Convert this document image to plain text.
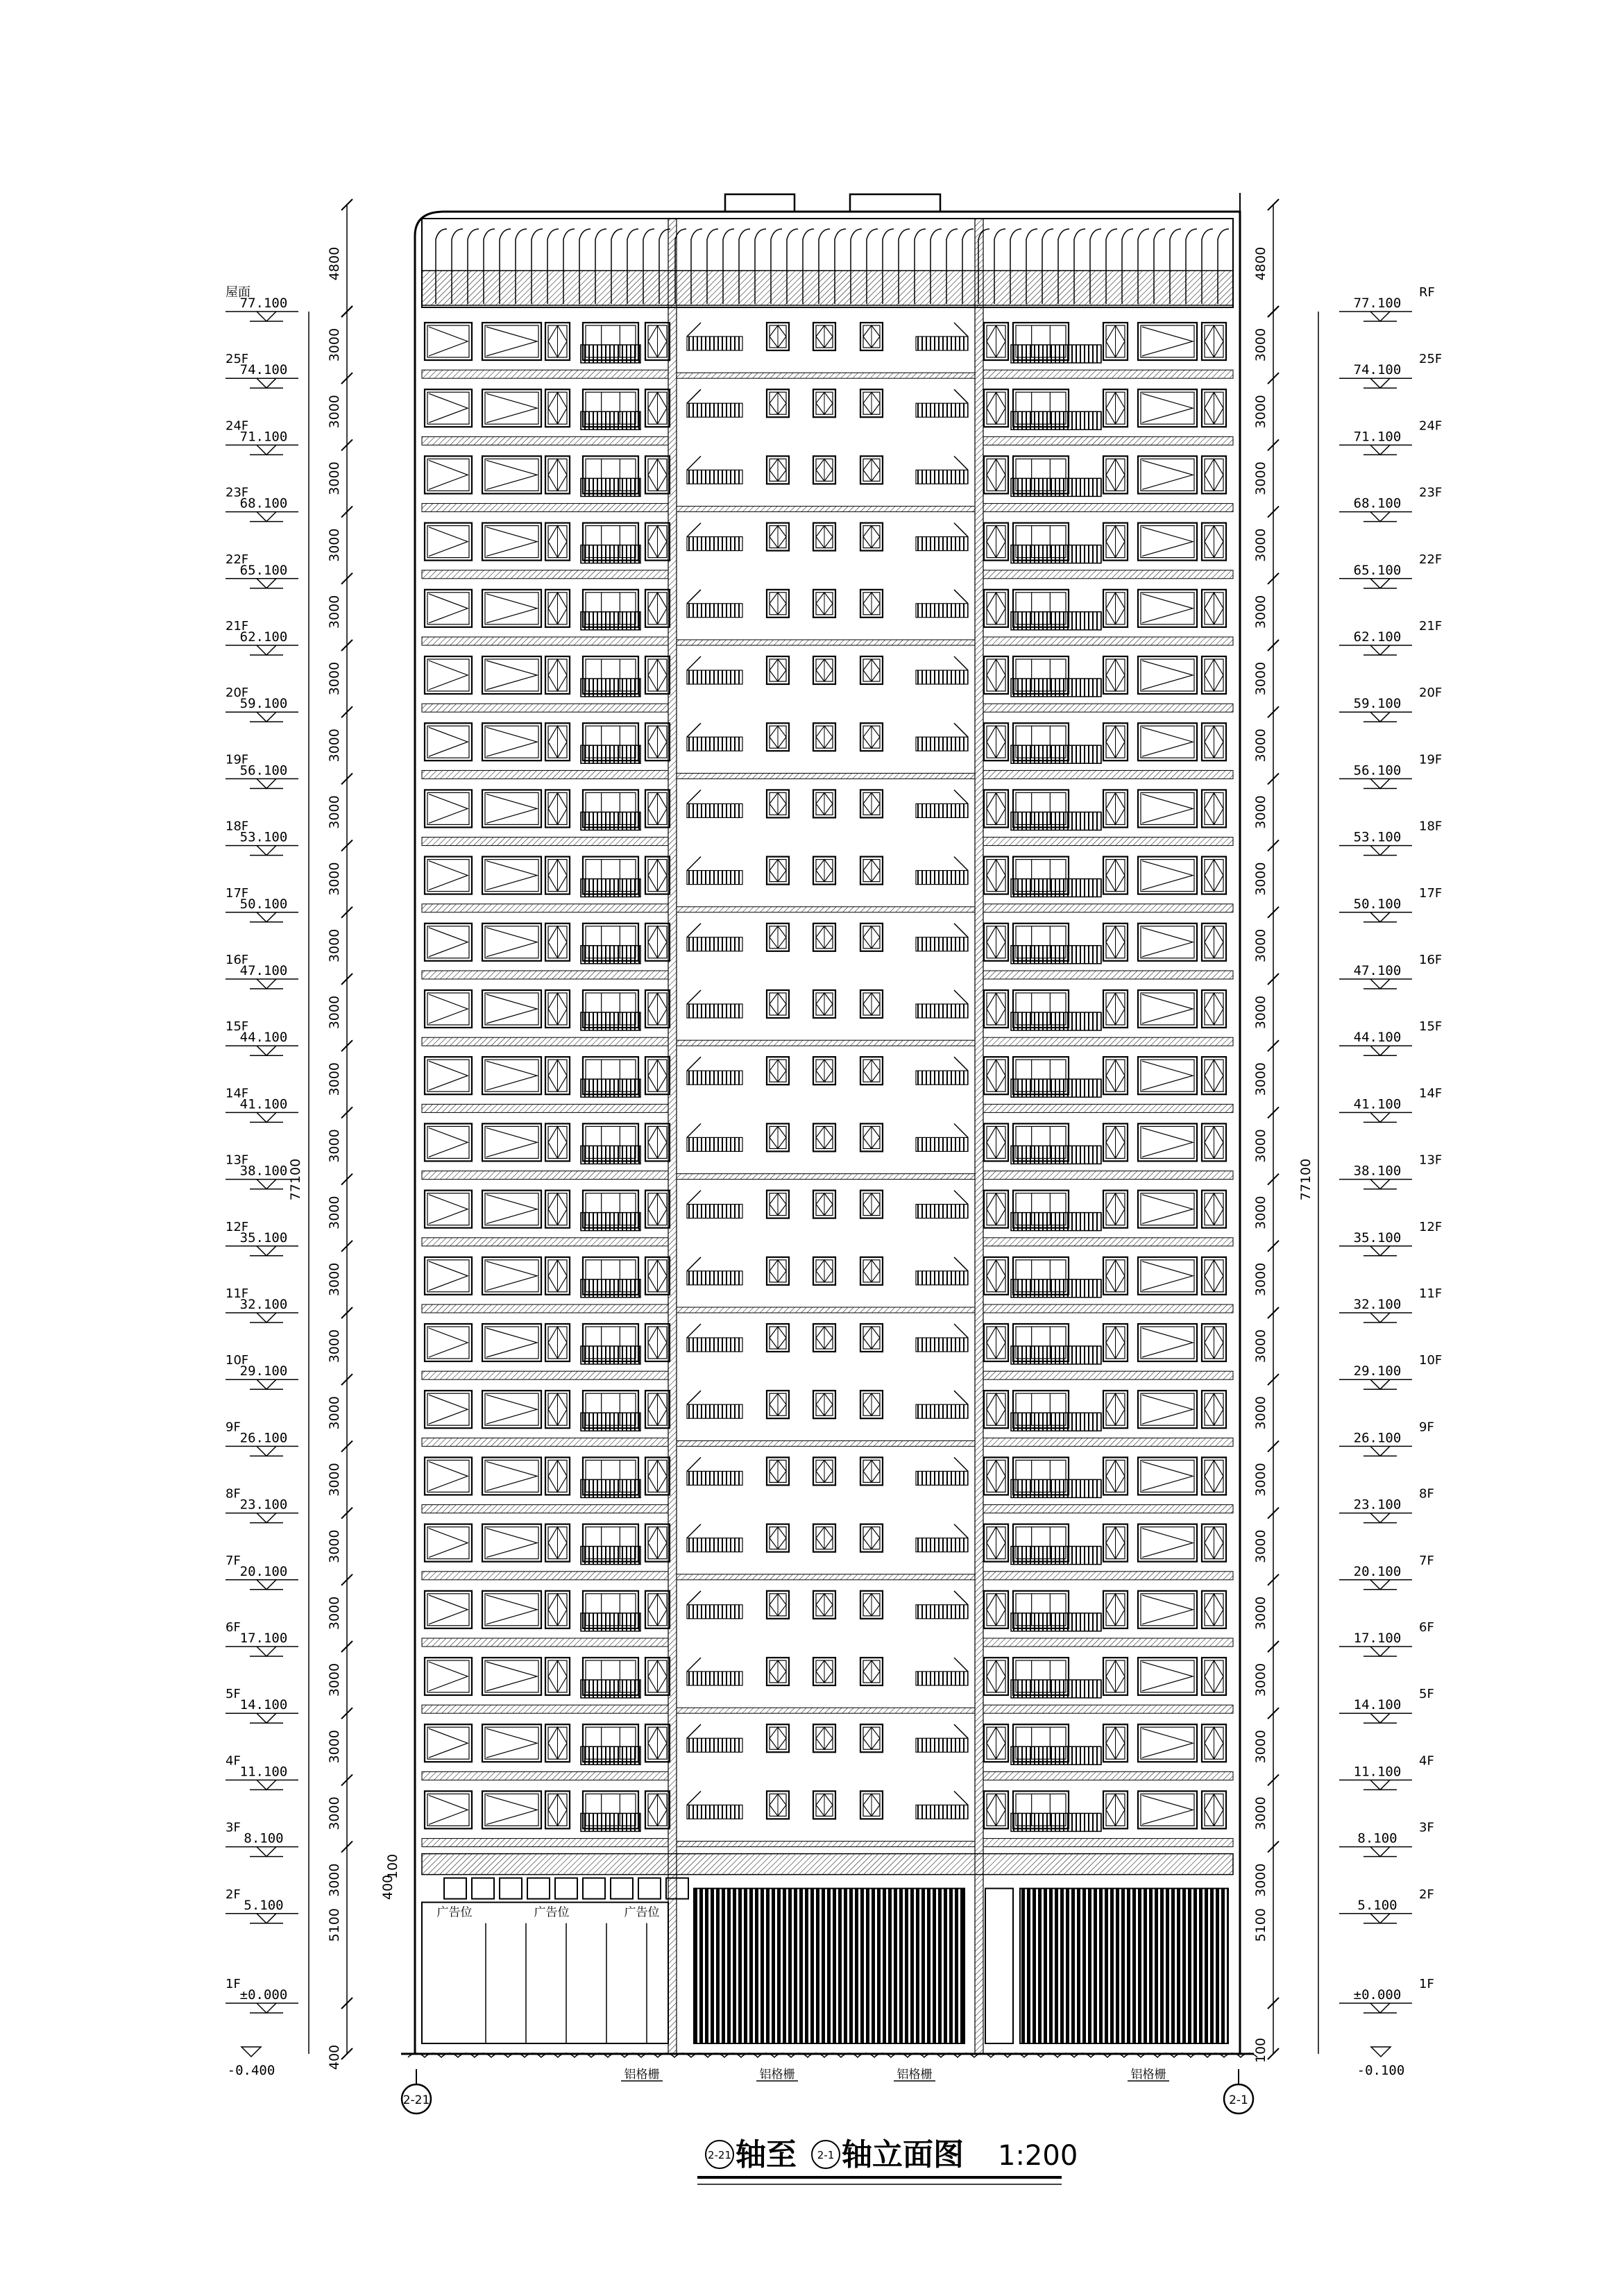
广告位	广告位	广告位
4800
3000
3000
3000
3000
3000
3000
3000
3000
3000
3000
3000
3000
3000
3000
3000
3000
3000
3000
3000
3000
3000
3000
3000
3000
5100
77100
400
400
100
4800
3000
3000
3000
3000
3000
3000
3000
3000
3000
3000
3000
3000
3000
3000
3000
3000
3000
3000
3000
3000
3000
3000
3000
3000
5100
77100
100
77.100
屋面
74.100
25F
71.100
24F
68.100
23F
65.100
22F
62.100
21F
59.100
20F
56.100
19F
53.100
18F
50.100
17F
47.100
16F
44.100
15F
41.100
14F
38.100
13F
35.100
12F
32.100
11F
29.100
10F
26.100
9F
23.100
8F
20.100
7F
17.100
6F
14.100
5F
11.100
4F
8.100
3F
5.100
2F
±0.000
1F
-0.400
77.100
RF
74.100
25F
71.100
24F
68.100
23F
65.100
22F
62.100
21F
59.100
20F
56.100
19F
53.100
18F
50.100
17F
47.100
16F
44.100
15F
41.100
14F
38.100
13F
35.100
12F
32.100
11F
29.100
10F
26.100
9F
23.100
8F
20.100
7F
17.100
6F
14.100
5F
11.100
4F
8.100
3F
5.100
2F
±0.000
1F
-0.100
2-21	2-1
铝格栅	铝格栅	铝格栅	铝格栅
2-21 轴至 2-1 轴立面图 1:200
